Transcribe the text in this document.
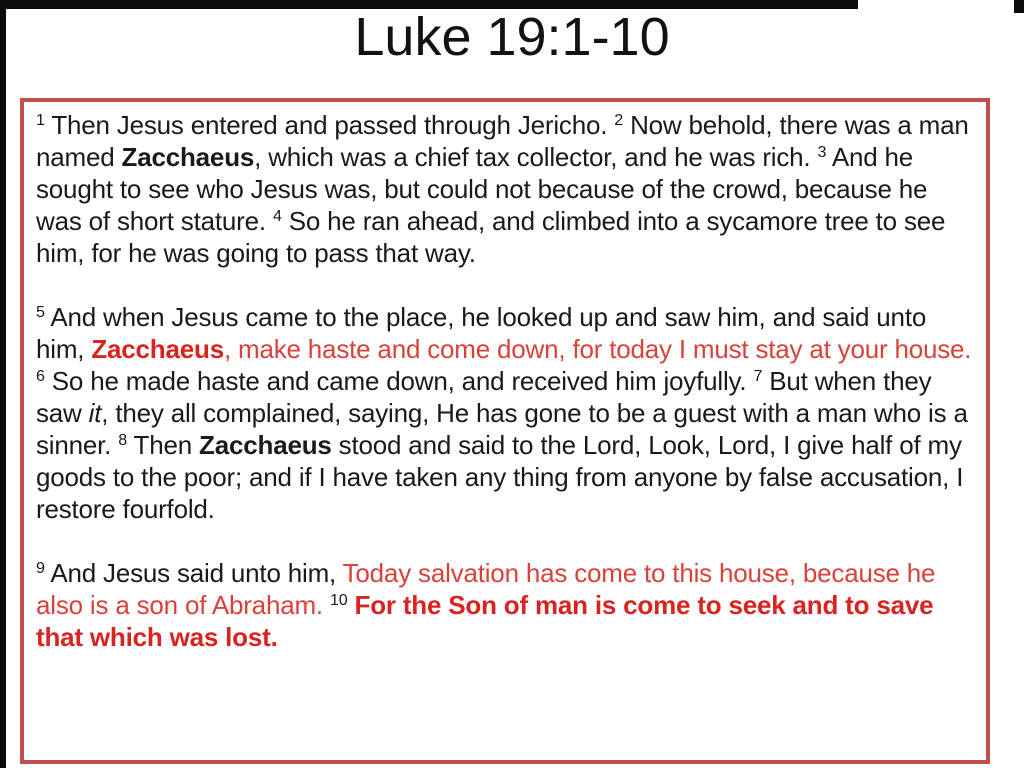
Luke 19:1-10

$^1$ Then Jesus entered and passed through Jericho. $^2$ Now behold, there was a man named Zacchaeus, which was a chief tax collector, and he was rich. $^3$ And he sought to see who Jesus was, but could not because of the crowd, because he was of short stature. $^4$ So he ran ahead, and climbed into a sycamore tree to see him, for he was going to pass that way.

$^5$ And when Jesus came to the place, he looked up and saw him, and said unto him, Zacchaeus, make haste and come down, for today I must stay at your house. $^6$ So he made haste and came down, and received him joyfully. $^7$ But when they saw it, they all complained, saying, He has gone to be a guest with a man who is a sinner. $^8$ Then Zacchaeus stood and said to the Lord, Look, Lord, I give half of my goods to the poor; and if I have taken any thing from anyone by false accusation, I restore fourfold.

$^9$ And Jesus said unto him, Today salvation has come to this house, because he also is a son of Abraham. $^{10}$ For the Son of man is come to seek and to save that which was lost.
